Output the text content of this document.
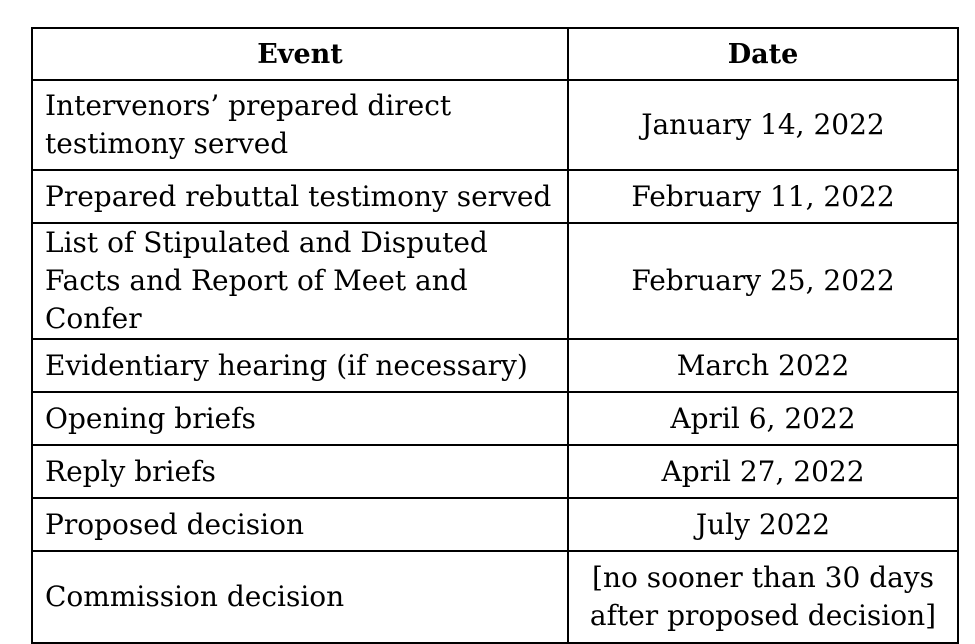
Event	Date
Intervenors’ prepared direct testimony served	January 14, 2022
Prepared rebuttal testimony served	February 11, 2022
List of Stipulated and Disputed Facts and Report of Meet and Confer	February 25, 2022
Evidentiary hearing (if necessary)	March 2022
Opening briefs	April 6, 2022
Reply briefs	April 27, 2022
Proposed decision	July 2022
Commission decision	[no sooner than 30 days after proposed decision]
